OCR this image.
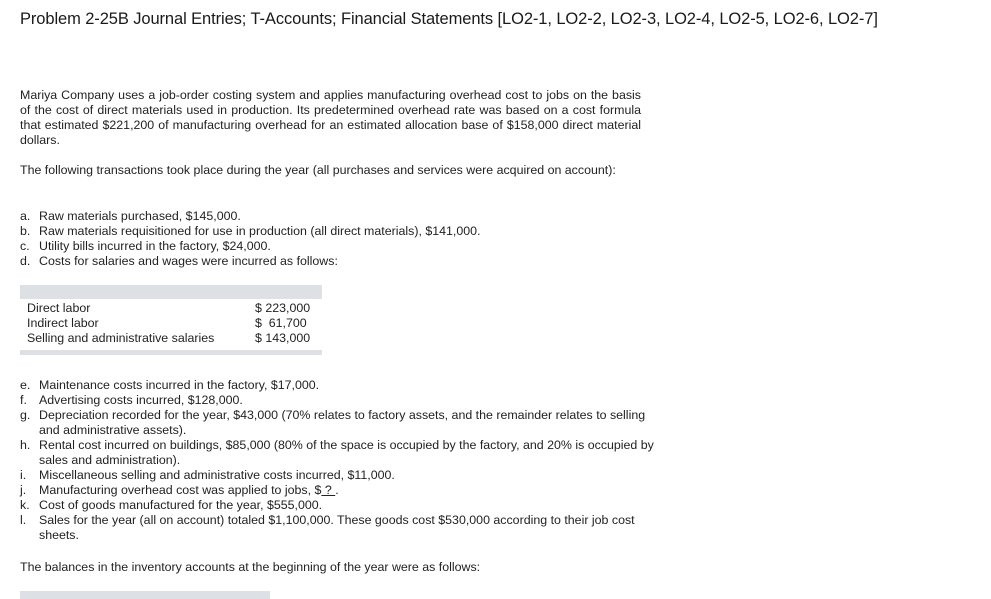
Problem 2-25B Journal Entries; T-Accounts; Financial Statements [LO2-1, LO2-2, LO2-3, LO2-4, LO2-5, LO2-6, LO2-7]
Mariya Company uses a job-order costing system and applies manufacturing overhead cost to jobs on the basis of the cost of direct materials used in production. Its predetermined overhead rate was based on a cost formula that estimated $221,200 of manufacturing overhead for an estimated allocation base of $158,000 direct material dollars.
The following transactions took place during the year (all purchases and services were acquired on account):
a. Raw materials purchased, $145,000.
b. Raw materials requisitioned for use in production (all direct materials), $141,000.
c. Utility bills incurred in the factory, $24,000.
d. Costs for salaries and wages were incurred as follows:
Direct labor	$ 223,000
Indirect labor	$  61,700
Selling and administrative salaries	$ 143,000
e. Maintenance costs incurred in the factory, $17,000.
f. Advertising costs incurred, $128,000.
g. Depreciation recorded for the year, $43,000 (70% relates to factory assets, and the remainder relates to selling and administrative assets).
h. Rental cost incurred on buildings, $85,000 (80% of the space is occupied by the factory, and 20% is occupied by sales and administration).
i. Miscellaneous selling and administrative costs incurred, $11,000.
j. Manufacturing overhead cost was applied to jobs, $ ? .
k. Cost of goods manufactured for the year, $555,000.
l. Sales for the year (all on account) totaled $1,100,000. These goods cost $530,000 according to their job cost sheets.
The balances in the inventory accounts at the beginning of the year were as follows:
